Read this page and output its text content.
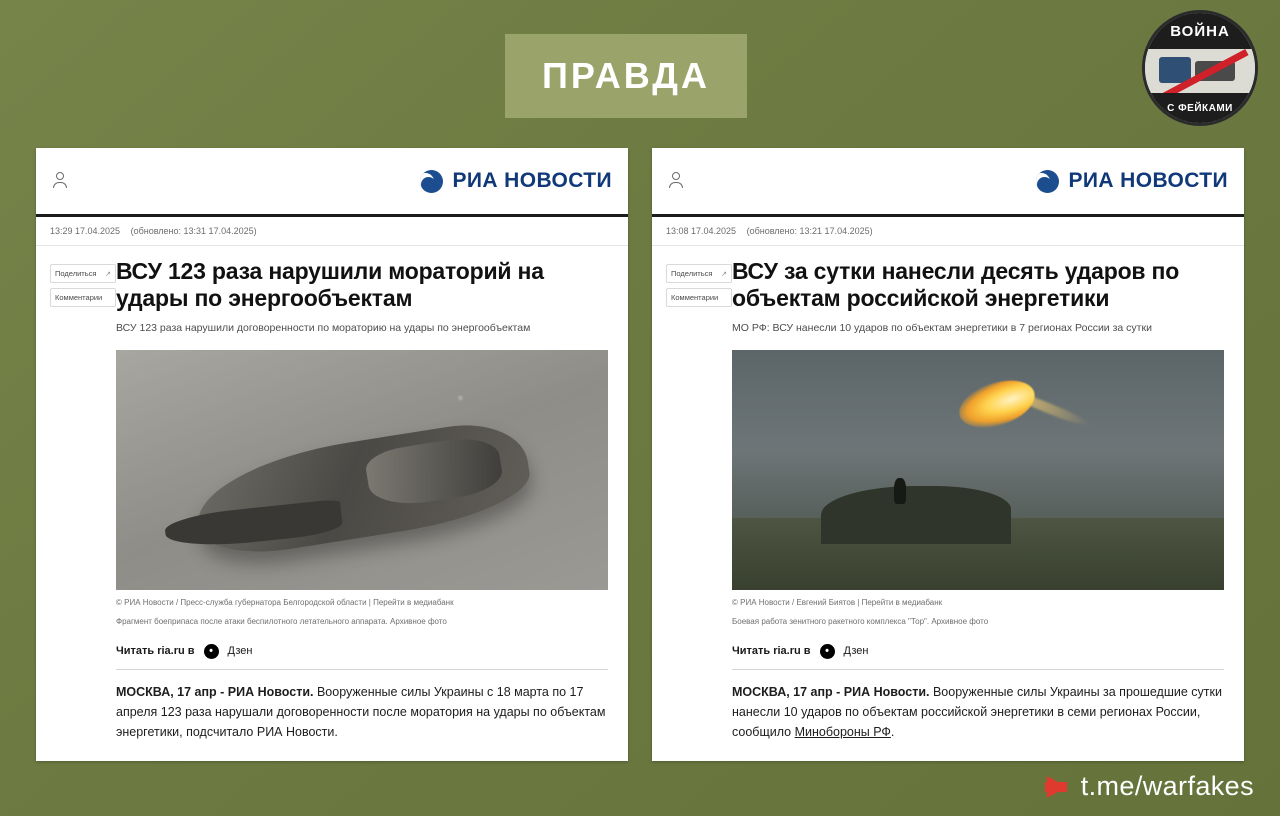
ПРАВДА
ВОЙНА
С ФЕЙКАМИ
РИА НОВОСТИ
13:29 17.04.2025 (обновлено: 13:31 17.04.2025)
Поделиться ↗
Комментарии
ВСУ 123 раза нарушили мораторий на удары по энергообъектам

ВСУ 123 раза нарушили договоренности по мораторию на удары по энергообъектам

© РИА Новости / Пресс-служба губернатора Белгородской области | Перейти в медиабанк
Фрагмент боеприпаса после атаки беспилотного летательного аппарата. Архивное фото
Читать ria.ru в	•	Дзен

МОСКВА, 17 апр - РИА Новости. Вооруженные силы Украины с 18 марта по 17 апреля 123 раза нарушали договоренности после моратория на удары по объектам энергетики, подсчитало РИА Новости.

РИА НОВОСТИ
13:08 17.04.2025 (обновлено: 13:21 17.04.2025)
Поделиться ↗
Комментарии
ВСУ за сутки нанесли десять ударов по объектам российской энергетики

МО РФ: ВСУ нанесли 10 ударов по объектам энергетики в 7 регионах России за сутки

© РИА Новости / Евгений Биятов | Перейти в медиабанк
Боевая работа зенитного ракетного комплекса "Тор". Архивное фото
Читать ria.ru в	•	Дзен

МОСКВА, 17 апр - РИА Новости. Вооруженные силы Украины за прошедшие сутки нанесли 10 ударов по объектам российской энергетики в семи регионах России, сообщило Минобороны РФ.

t.me/warfakes
